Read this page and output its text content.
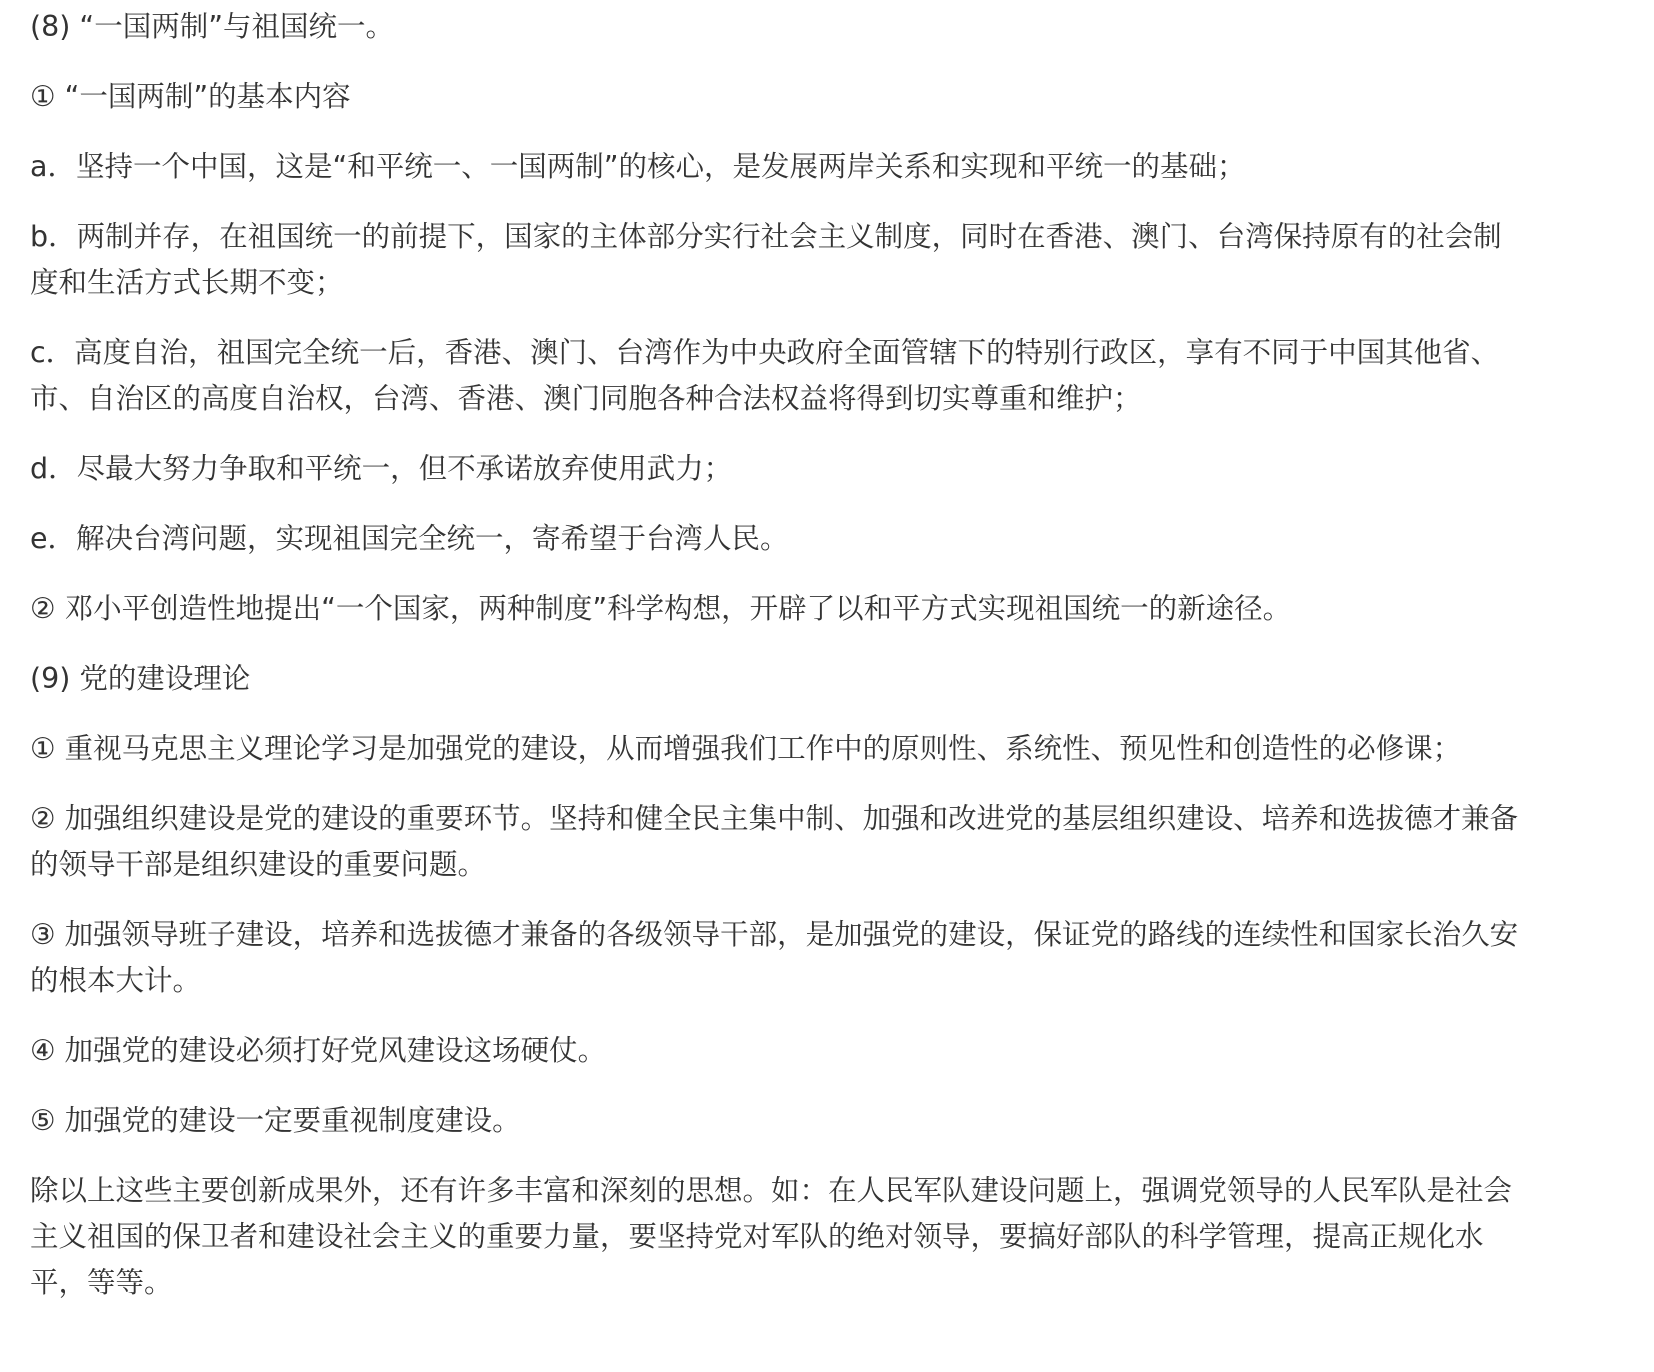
(8) “一国两制”与祖国统一。

① “一国两制”的基本内容

a．坚持一个中国，这是“和平统一、一国两制”的核心，是发展两岸关系和实现和平统一的基础；

b．两制并存，在祖国统一的前提下，国家的主体部分实行社会主义制度，同时在香港、澳门、台湾保持原有的社会制度和生活方式长期不变；

c．高度自治，祖国完全统一后，香港、澳门、台湾作为中央政府全面管辖下的特别行政区，享有不同于中国其他省、市、自治区的高度自治权，台湾、香港、澳门同胞各种合法权益将得到切实尊重和维护；

d．尽最大努力争取和平统一，但不承诺放弃使用武力；

e．解决台湾问题，实现祖国完全统一，寄希望于台湾人民。

② 邓小平创造性地提出“一个国家，两种制度”科学构想，开辟了以和平方式实现祖国统一的新途径。

(9) 党的建设理论

① 重视马克思主义理论学习是加强党的建设，从而增强我们工作中的原则性、系统性、预见性和创造性的必修课；

② 加强组织建设是党的建设的重要环节。坚持和健全民主集中制、加强和改进党的基层组织建设、培养和选拔德才兼备的领导干部是组织建设的重要问题。

③ 加强领导班子建设，培养和选拔德才兼备的各级领导干部，是加强党的建设，保证党的路线的连续性和国家长治久安的根本大计。

④ 加强党的建设必须打好党风建设这场硬仗。

⑤ 加强党的建设一定要重视制度建设。

除以上这些主要创新成果外，还有许多丰富和深刻的思想。如：在人民军队建设问题上，强调党领导的人民军队是社会主义祖国的保卫者和建设社会主义的重要力量，要坚持党对军队的绝对领导，要搞好部队的科学管理，提高正规化水平，等等。
